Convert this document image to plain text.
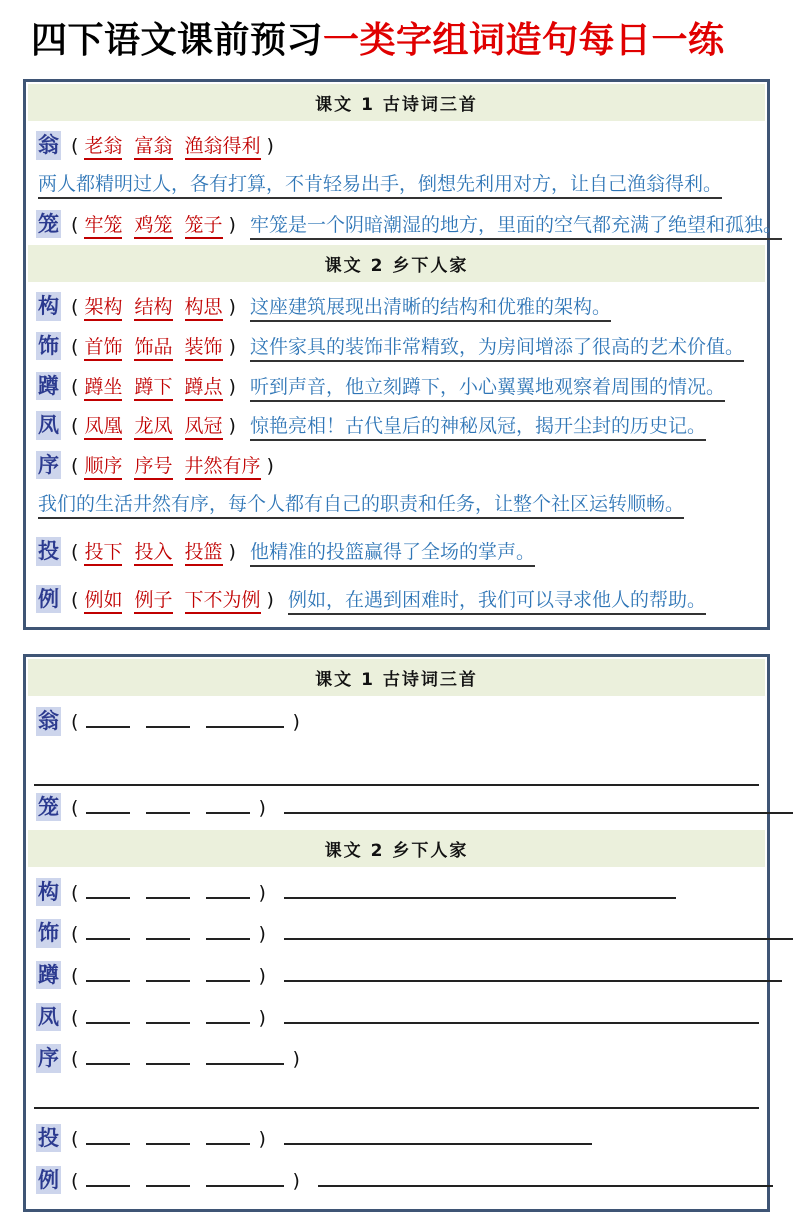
四下语文课前预习一类字组词造句每日一练
课文 1 古诗词三首
翁 ( 老翁 富翁 渔翁得利 )
两人都精明过人，各有打算，不肯轻易出手，倒想先利用对方，让自己渔翁得利。
笼 ( 牢笼 鸡笼 笼子 ) 牢笼是一个阴暗潮湿的地方，里面的空气都充满了绝望和孤独。
课文 2 乡下人家
构 ( 架构 结构 构思 ) 这座建筑展现出清晰的结构和优雅的架构。
饰 ( 首饰 饰品 装饰 ) 这件家具的装饰非常精致，为房间增添了很高的艺术价值。
蹲 ( 蹲坐 蹲下 蹲点 ) 听到声音，他立刻蹲下，小心翼翼地观察着周围的情况。
凤 ( 凤凰 龙凤 凤冠 ) 惊艳亮相！古代皇后的神秘凤冠，揭开尘封的历史记。
序 ( 顺序 序号 井然有序 )
我们的生活井然有序，每个人都有自己的职责和任务，让整个社区运转顺畅。
投 ( 投下 投入 投篮 ) 他精准的投篮赢得了全场的掌声。
例 ( 例如 例子 下不为例 ) 例如，在遇到困难时，我们可以寻求他人的帮助。
课文 1 古诗词三首
翁 (	)
笼 (	)
课文 2 乡下人家
构 (	)
饰 (	)
蹲 (	)
凤 (	)
序 (	)
投 (	)
例 (	)
